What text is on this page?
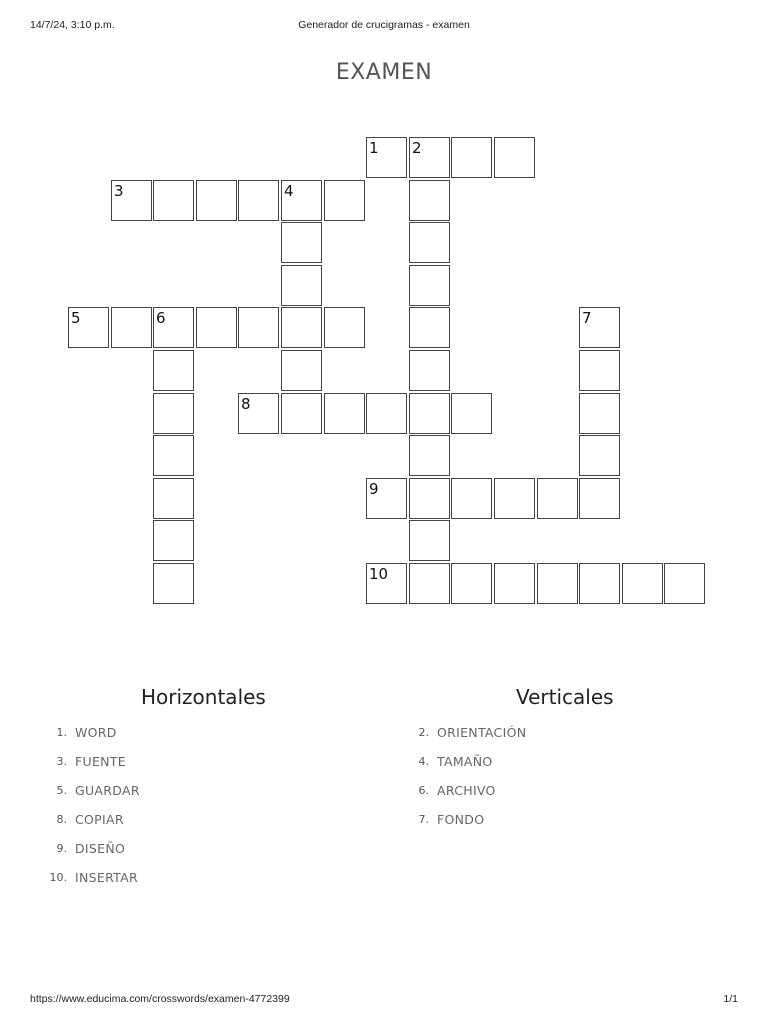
14/7/24, 3:10 p.m.	Generador de crucigramas - examen
EXAMEN
1 2
3	4
5	6	7
8
9
10
Horizontales	Verticales
1. WORD
3. FUENTE
5. GUARDAR
8. COPIAR
9. DISEÑO
10. INSERTAR
2. ORIENTACIÓN
4. TAMAÑO
6. ARCHIVO
7. FONDO
https://www.educima.com/crosswords/examen-4772399	1/1
